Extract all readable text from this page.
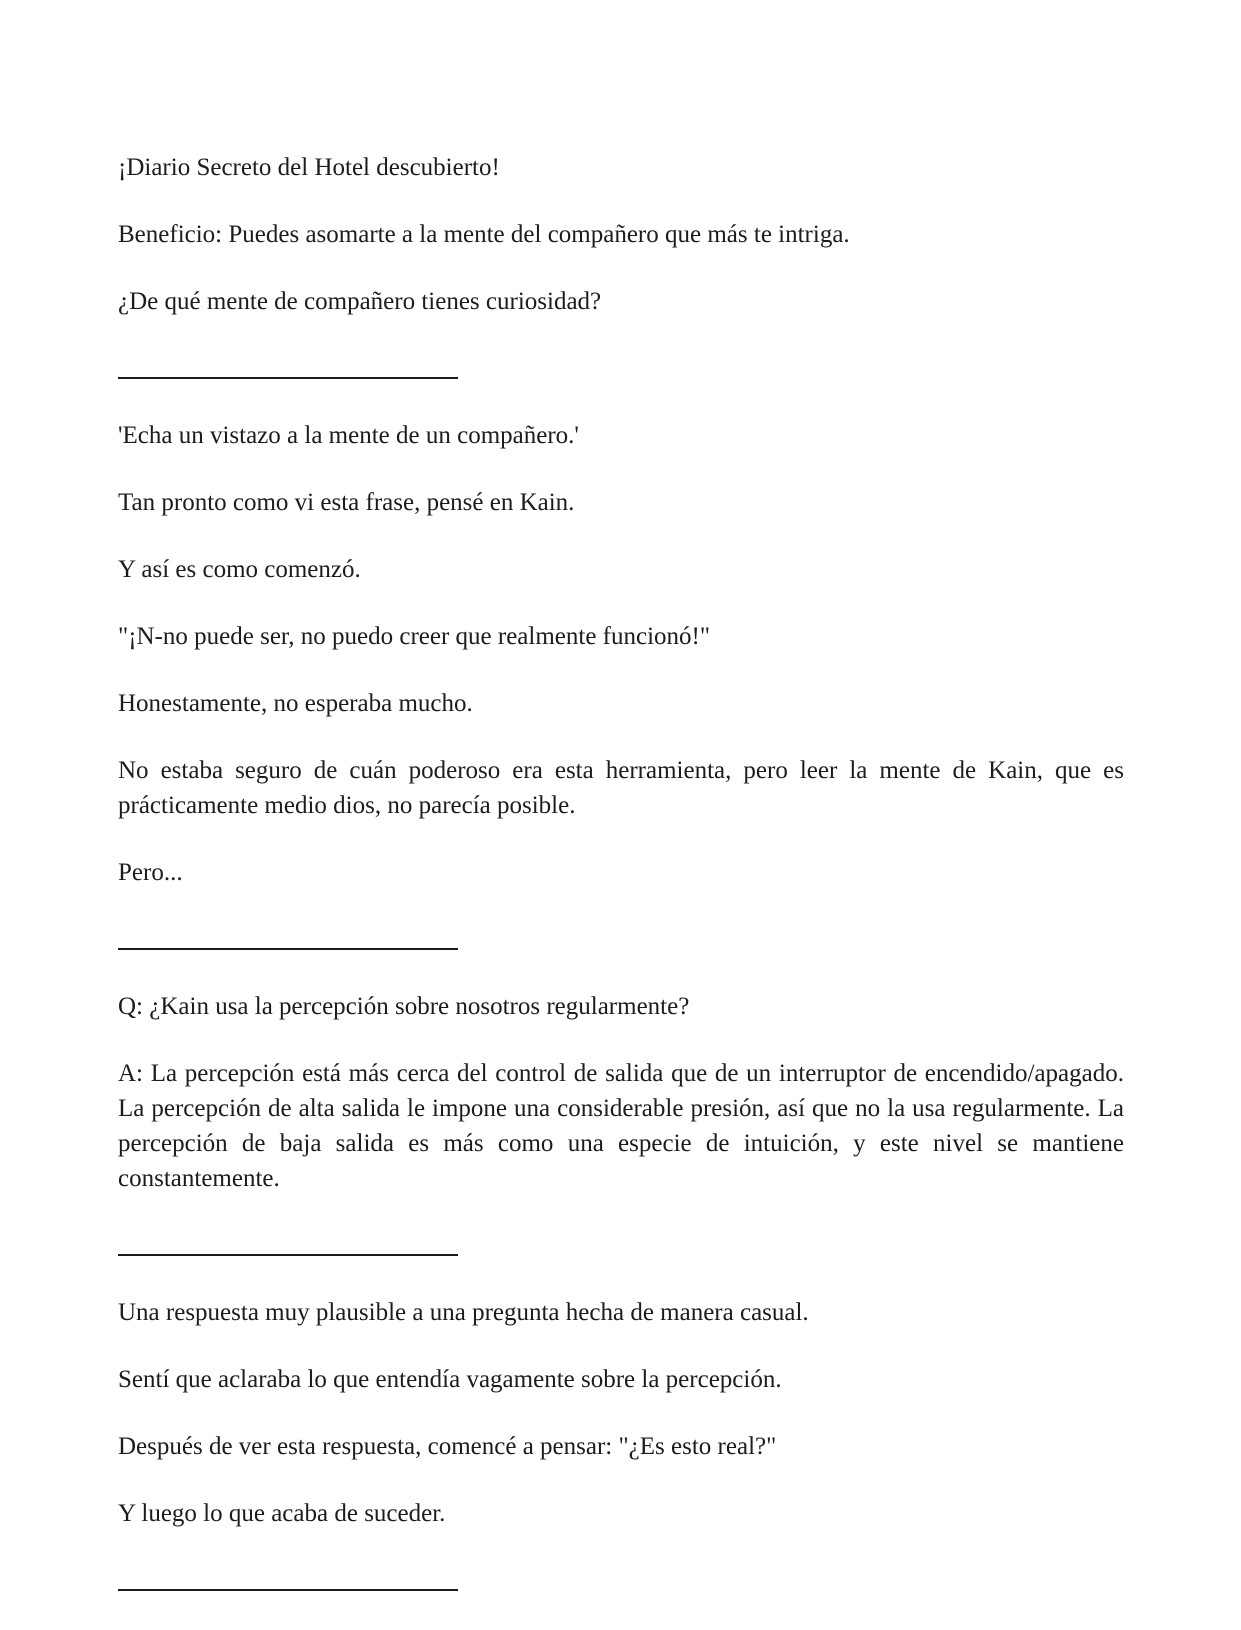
¡Diario Secreto del Hotel descubierto!

Beneficio: Puedes asomarte a la mente del compañero que más te intriga.

¿De qué mente de compañero tienes curiosidad?

'Echa un vistazo a la mente de un compañero.'

Tan pronto como vi esta frase, pensé en Kain.

Y así es como comenzó.

"¡N-no puede ser, no puedo creer que realmente funcionó!"

Honestamente, no esperaba mucho.

No estaba seguro de cuán poderoso era esta herramienta, pero leer la mente de Kain, que es prácticamente medio dios, no parecía posible.

Pero...

Q: ¿Kain usa la percepción sobre nosotros regularmente?

A: La percepción está más cerca del control de salida que de un interruptor de encendido/apagado. La percepción de alta salida le impone una considerable presión, así que no la usa regularmente. La percepción de baja salida es más como una especie de intuición, y este nivel se mantiene constantemente.

Una respuesta muy plausible a una pregunta hecha de manera casual.

Sentí que aclaraba lo que entendía vagamente sobre la percepción.

Después de ver esta respuesta, comencé a pensar: "¿Es esto real?"

Y luego lo que acaba de suceder.
